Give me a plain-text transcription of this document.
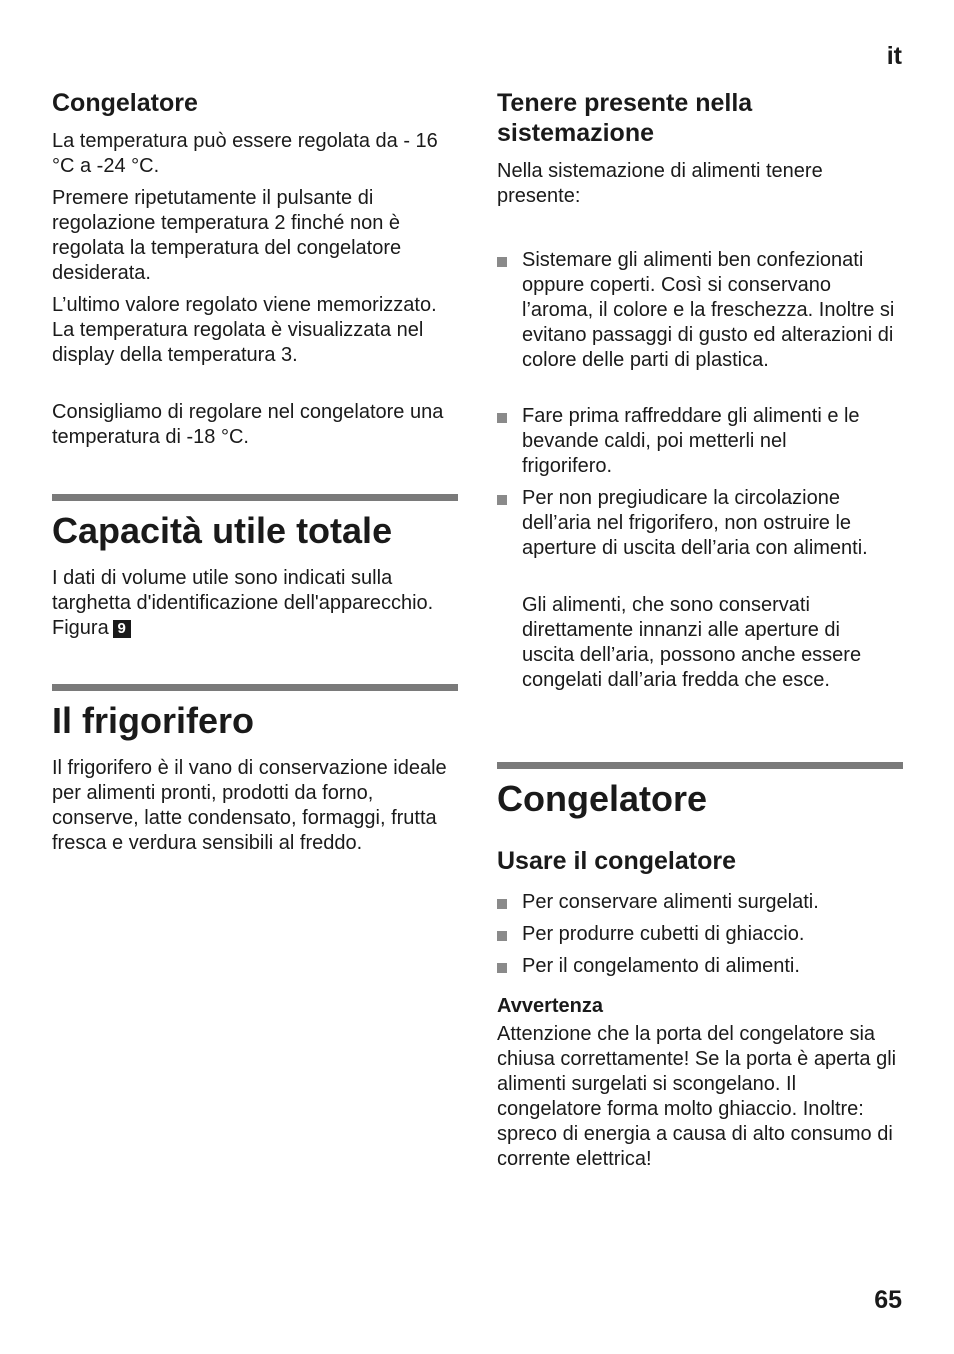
it
Congelatore

La temperatura può essere regolata da - 16 °C a -24 °C.

Premere ripetutamente il pulsante di regolazione temperatura 2 finché non è regolata la temperatura del congelatore desiderata.

L’ultimo valore regolato viene memorizzato. La temperatura regolata è visualizzata nel display della temperatura 3.

Consigliamo di regolare nel congelatore una temperatura di -18 °C.

Capacità utile totale

I dati di volume utile sono indicati sulla targhetta d'identificazione dell'apparecchio. Figura 9

Il frigorifero

Il frigorifero è il vano di conservazione ideale per alimenti pronti, prodotti da forno, conserve, latte condensato, formaggi, frutta fresca e verdura sensibili al freddo.

Tenere presente nella sistemazione

Nella sistemazione di alimenti tenere presente:

Sistemare gli alimenti ben confezionati oppure coperti. Così si conservano l’aroma, il colore e la freschezza. Inoltre si evitano passaggi di gusto ed alterazioni di colore delle parti di plastica.
Fare prima raffreddare gli alimenti e le bevande caldi, poi metterli nel frigorifero.
Per non pregiudicare la circolazione dell’aria nel frigorifero, non ostruire le aperture di uscita dell’aria con alimenti.

Gli alimenti, che sono conservati direttamente innanzi alle aperture di uscita dell’aria, possono anche essere congelati dall’aria fredda che esce.

Congelatore
Usare il congelatore
Per conservare alimenti surgelati.
Per produrre cubetti di ghiaccio.
Per il congelamento di alimenti.
Avvertenza

Attenzione che la porta del congelatore sia chiusa correttamente! Se la porta è aperta gli alimenti surgelati si scongelano. Il congelatore forma molto ghiaccio. Inoltre: spreco di energia a causa di alto consumo di corrente elettrica!

65
